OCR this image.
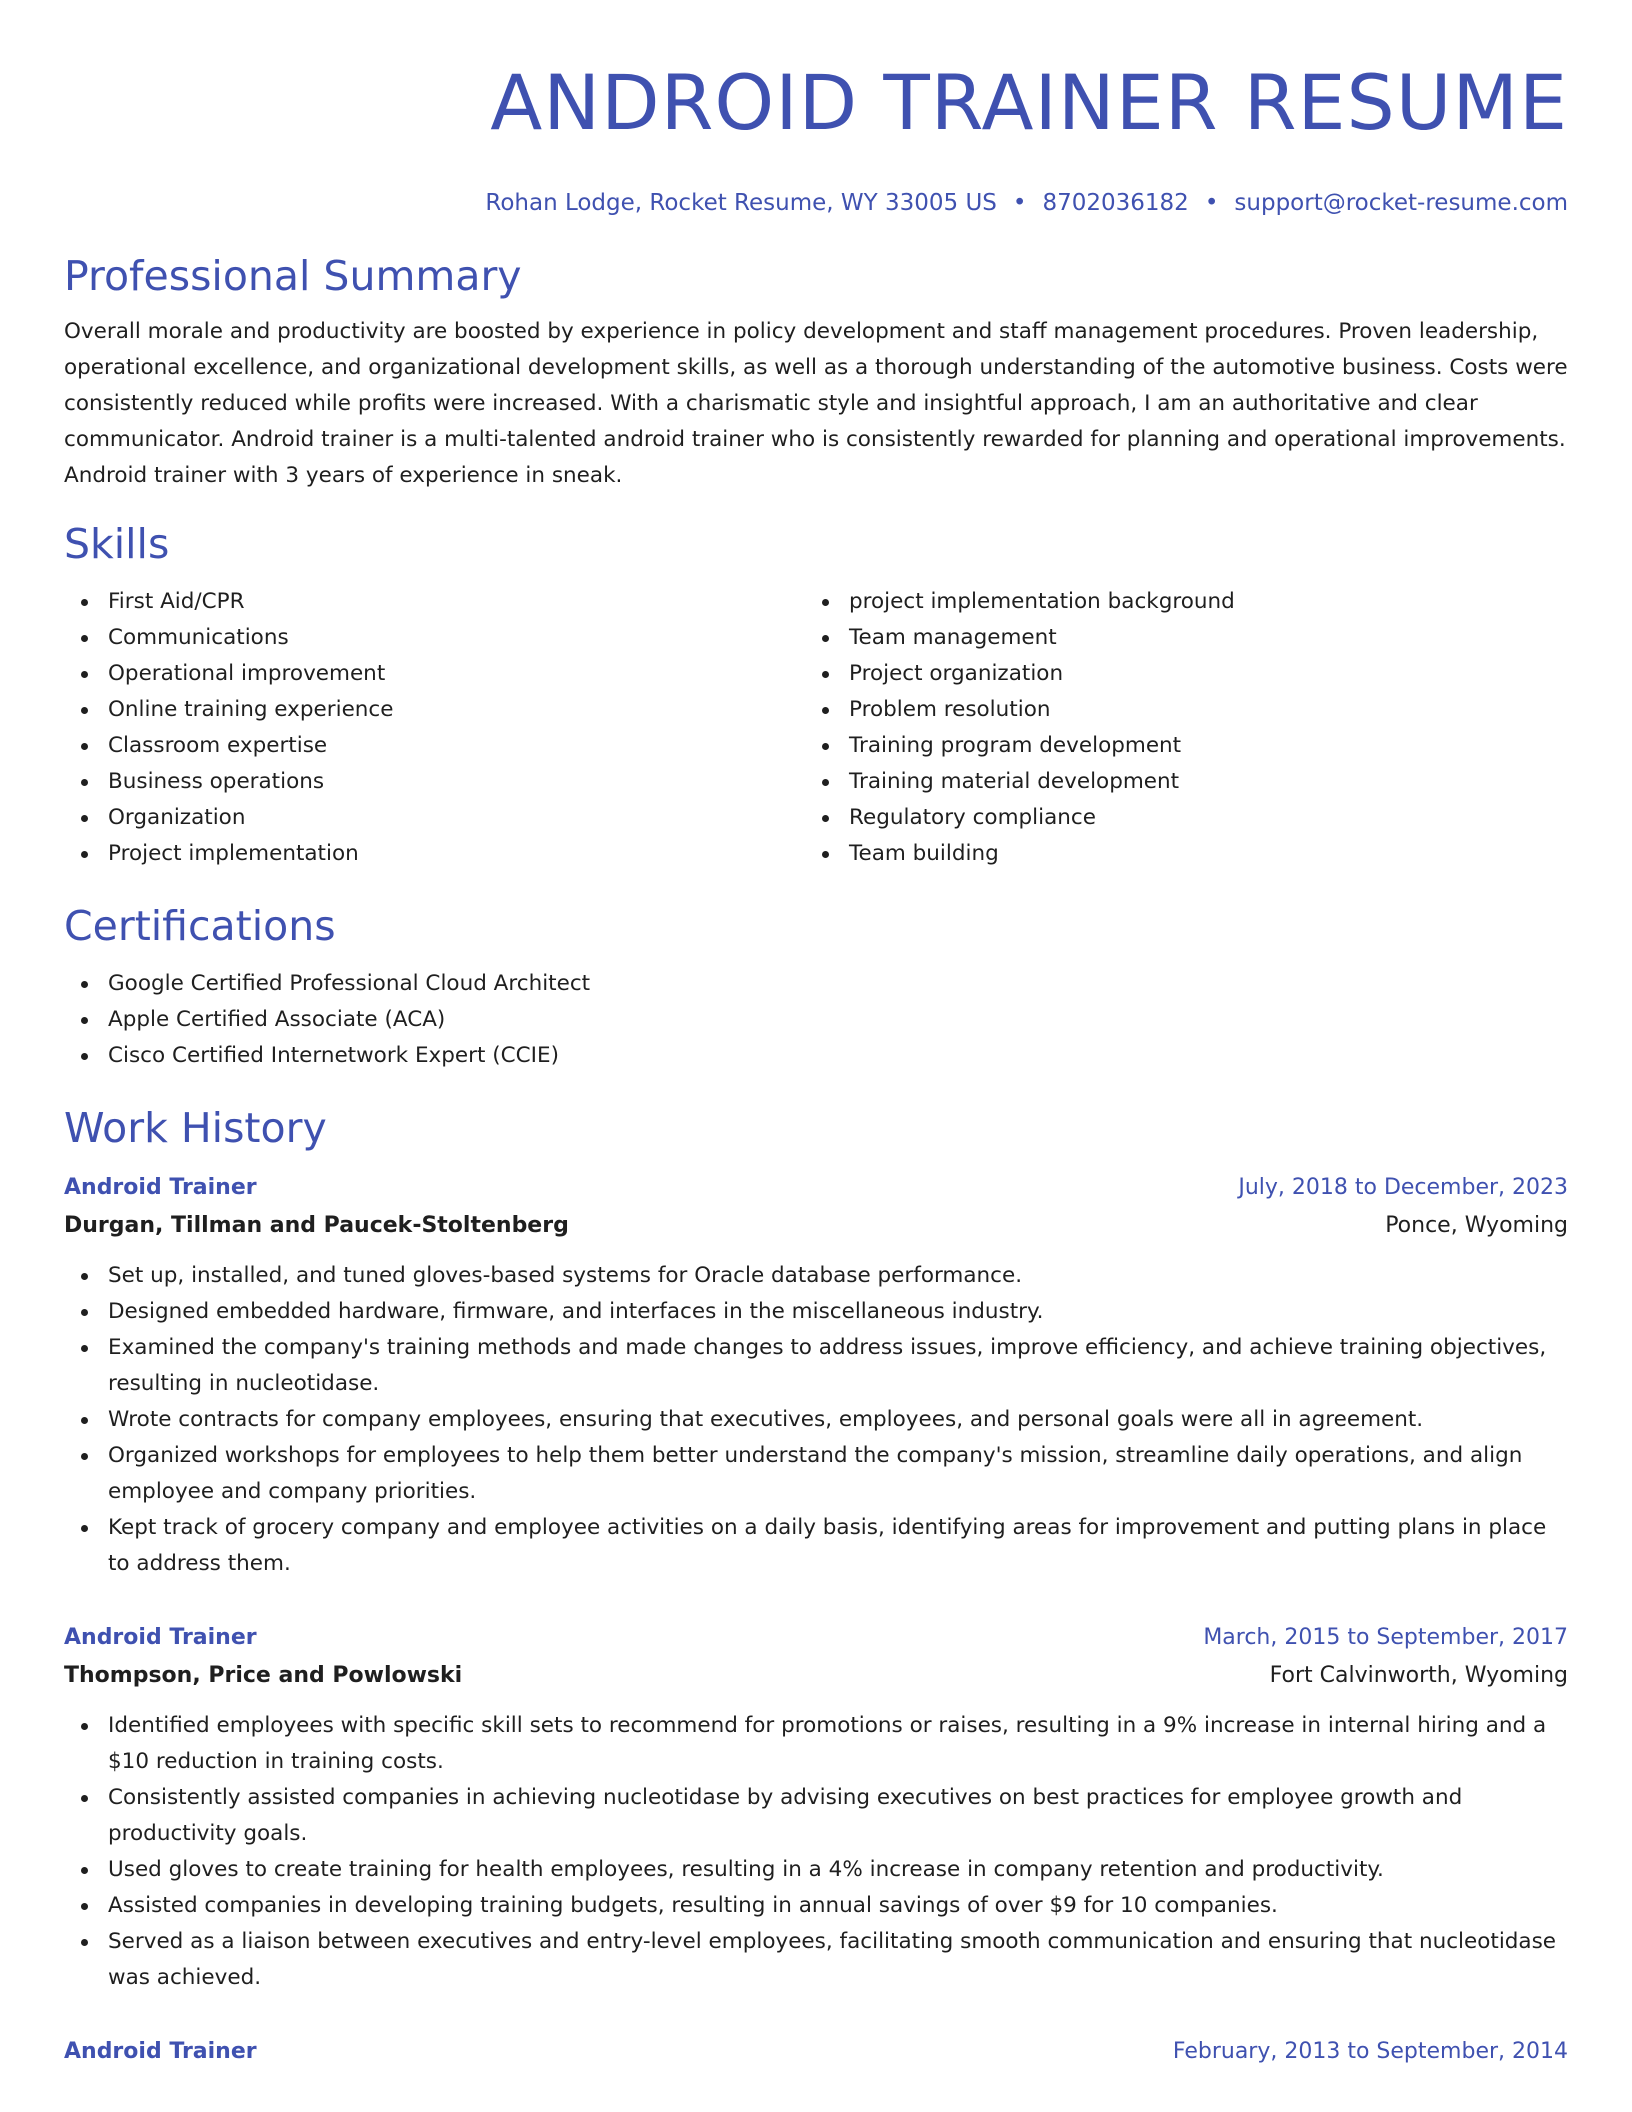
ANDROID TRAINER RESUME
Rohan Lodge, Rocket Resume, WY 33005 US • 8702036182 • support@rocket-resume.com
Professional Summary

Overall morale and productivity are boosted by experience in policy development and staff management procedures. Proven leadership, operational excellence, and organizational development skills, as well as a thorough understanding of the automotive business. Costs were consistently reduced while profits were increased. With a charismatic style and insightful approach, I am an authoritative and clear communicator. Android trainer is a multi-talented android trainer who is consistently rewarded for planning and operational improvements. Android trainer with 3 years of experience in sneak.

Skills
First Aid/CPR
Communications
Operational improvement
Online training experience
Classroom expertise
Business operations
Organization
Project implementation
project implementation background
Team management
Project organization
Problem resolution
Training program development
Training material development
Regulatory compliance
Team building
Certifications
Google Certified Professional Cloud Architect
Apple Certified Associate (ACA)
Cisco Certified Internetwork Expert (CCIE)
Work History
Android Trainer	July, 2018 to December, 2023
Durgan, Tillman and Paucek-Stoltenberg	Ponce, Wyoming
Set up, installed, and tuned gloves-based systems for Oracle database performance.
Designed embedded hardware, firmware, and interfaces in the miscellaneous industry.
Examined the company's training methods and made changes to address issues, improve efficiency, and achieve training objectives, resulting in nucleotidase.
Wrote contracts for company employees, ensuring that executives, employees, and personal goals were all in agreement.
Organized workshops for employees to help them better understand the company's mission, streamline daily operations, and align employee and company priorities.
Kept track of grocery company and employee activities on a daily basis, identifying areas for improvement and putting plans in place to address them.
Android Trainer	March, 2015 to September, 2017
Thompson, Price and Powlowski	Fort Calvinworth, Wyoming
Identified employees with specific skill sets to recommend for promotions or raises, resulting in a 9% increase in internal hiring and a $10 reduction in training costs.
Consistently assisted companies in achieving nucleotidase by advising executives on best practices for employee growth and productivity goals.
Used gloves to create training for health employees, resulting in a 4% increase in company retention and productivity.
Assisted companies in developing training budgets, resulting in annual savings of over $9 for 10 companies.
Served as a liaison between executives and entry-level employees, facilitating smooth communication and ensuring that nucleotidase was achieved.
Android Trainer	February, 2013 to September, 2014
